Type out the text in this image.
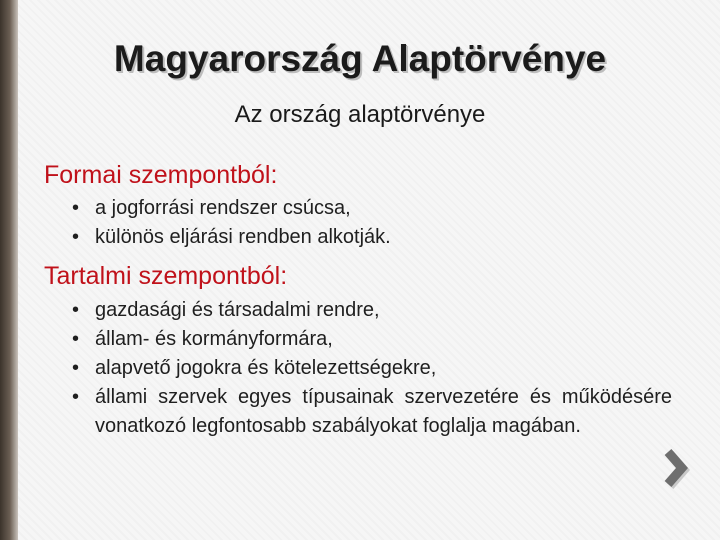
Magyarország Alaptörvénye
Az ország alaptörvénye
Formai szempontból:
• a jogforrási rendszer csúcsa,
• különös eljárási rendben alkotják.
Tartalmi szempontból:
• gazdasági és társadalmi rendre,
• állam- és kormányformára,
• alapvető jogokra és kötelezettségekre,
• állami szervek egyes típusainak szervezetére és működésére vonatkozó legfontosabb szabályokat foglalja magában.
